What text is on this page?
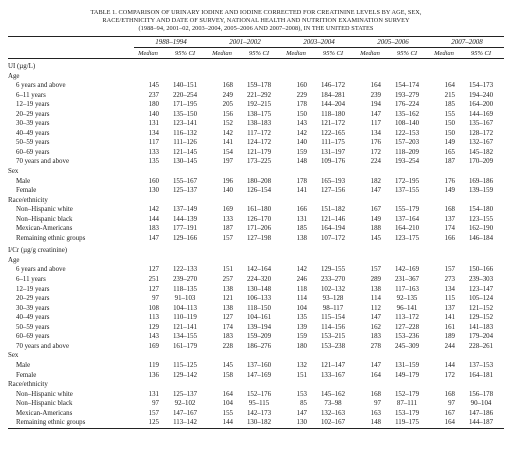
TABLE 1. COMPARISON OF URINARY IODINE AND IODINE CORRECTED FOR CREATININE LEVELS BY AGE, SEX,
RACE/ETHNICITY AND DATE OF SURVEY, NATIONAL HEALTH AND NUTRITION EXAMINATION SURVEY
(1988–94, 2001–02, 2003–2004, 2005–2006 AND 2007–2008), IN THE UNITED STATES
	1988–1994		2001–2002		2003–2004		2005–2006		2007–2008	
	Median	95% CI	Median	95% CI	Median	95% CI	Median	95% CI	Median	95% CI

UI (µg/L)										
Age										
6 years and above	145	140–151	168	159–178	160	146–172	164	154–174	164	154–173
6–11 years	237	220–254	249	221–292	229	184–281	239	193–279	215	194–240
12–19 years	180	171–195	205	192–215	178	144–204	194	176–224	185	164–200
20–29 years	140	135–150	156	138–175	150	118–180	147	135–162	155	144–169
30–39 years	131	123–141	152	138–183	143	121–172	117	108–140	150	135–167
40–49 years	134	116–132	142	117–172	142	122–165	134	122–153	150	128–172
50–59 years	117	111–126	141	124–172	140	111–175	176	157–203	149	132–167
60–69 years	133	121–145	154	121–179	159	131–197	172	118–209	165	145–182
70 years and above	135	130–145	197	173–225	148	109–176	224	193–254	187	170–209
Sex										
Male	160	155–167	196	180–208	178	165–193	182	172–195	176	169–186
Female	130	125–137	140	126–154	141	127–156	147	137–155	149	139–159
Race/ethnicity										
Non–Hispanic white	142	137–149	169	161–180	166	151–182	167	155–179	168	154–180
Non–Hispanic black	144	144–139	133	126–170	131	121–146	149	137–164	137	123–155
Mexican-Americans	183	177–191	187	171–206	185	164–194	188	164–210	174	162–190
Remaining ethnic groups	147	129–166	157	127–198	138	107–172	145	123–175	166	146–184

I/Cr (µg/g creatinine)										
Age										
6 years and above	127	122–133	151	142–164	142	129–155	157	142–169	157	150–166
6–11 years	251	239–270	257	224–320	246	233–270	289	231–367	273	239–303
12–19 years	127	118–135	138	130–148	118	102–132	138	117–163	134	123–147
20–29 years	97	91–103	121	106–133	114	93–128	114	92–135	115	105–124
30–39 years	108	104–113	138	118–150	104	98–117	112	96–141	137	121–152
40–49 years	113	110–119	127	104–161	135	115–154	147	113–172	141	129–152
50–59 years	129	121–141	174	139–194	139	114–156	162	127–228	161	141–183
60–69 years	143	134–155	183	159–209	159	153–215	183	153–236	189	179–204
70 years and above	169	161–179	228	186–276	180	153–238	278	245–309	244	228–261
Sex										
Male	119	115–125	145	137–160	132	121–147	147	131–159	144	137–153
Female	136	129–142	158	147–169	151	133–167	164	149–179	172	164–181
Race/ethnicity										
Non–Hispanic white	131	125–137	164	152–176	153	145–162	168	152–179	168	156–178
Non–Hispanic black	97	92–102	104	95–115	85	73–98	97	87–111	97	90–104
Mexican-Americans	157	147–167	155	142–173	147	132–163	163	153–179	167	147–186
Remaining ethnic groups	125	113–142	144	130–182	130	102–167	148	119–175	164	144–187
